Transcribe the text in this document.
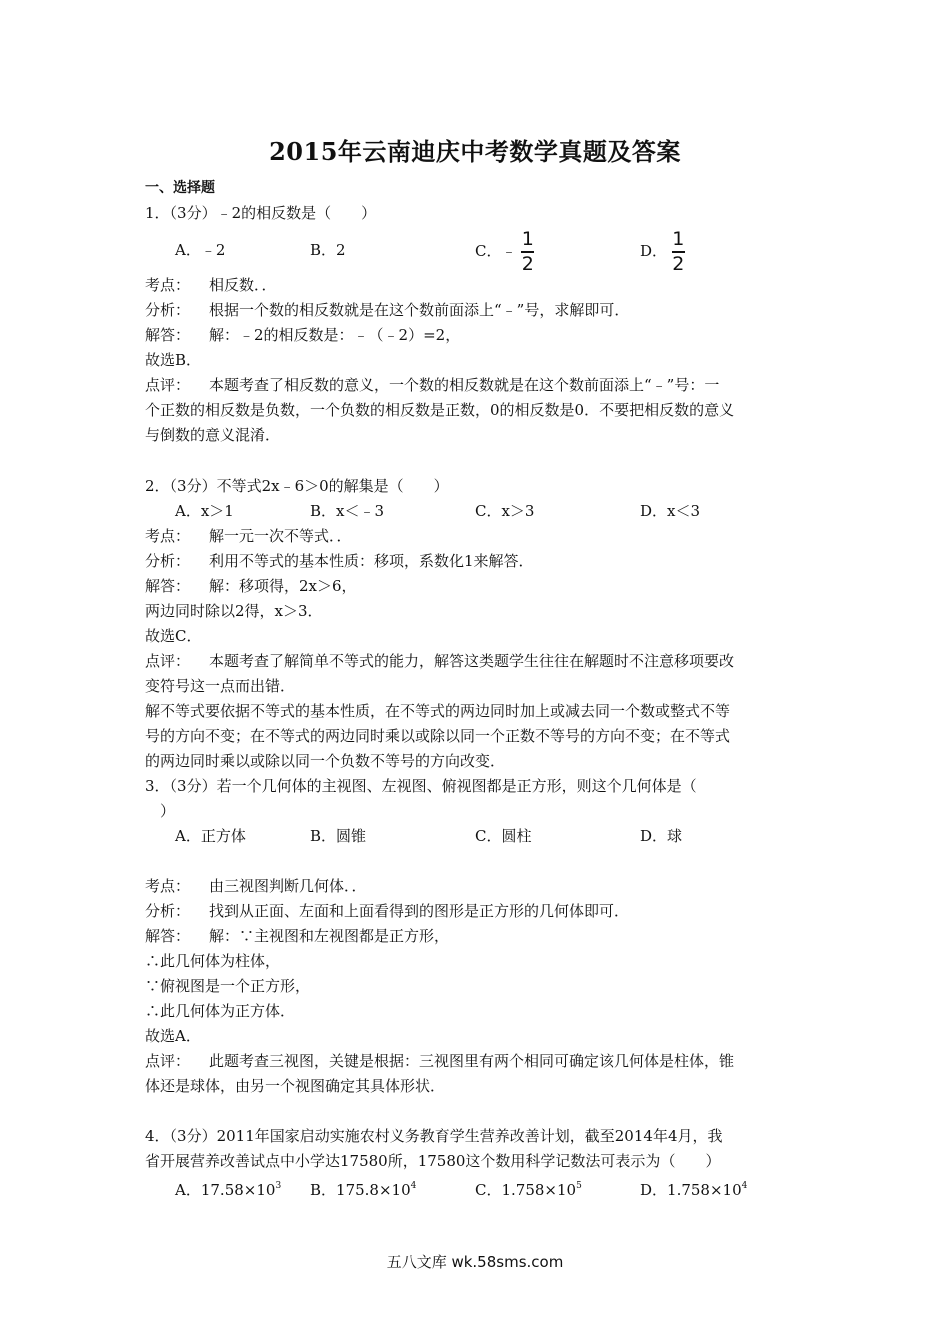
2015年云南迪庆中考数学真题及答案
一、选择题
1．（3分）﹣2的相反数是（　　）
A．﹣2	B．2	C．﹣ $\frac{1}{2}$	D． $\frac{1}{2}$
考点： 相反数．．
分析： 根据一个数的相反数就是在这个数前面添上“﹣”号，求解即可．
解答： 解：﹣2的相反数是：﹣（﹣2）=2，
故选B．
点评： 本题考查了相反数的意义，一个数的相反数就是在这个数前面添上“﹣”号：一
个正数的相反数是负数，一个负数的相反数是正数，0的相反数是0．不要把相反数的意义
与倒数的意义混淆．
2．（3分）不等式2x﹣6＞0的解集是（　　）
A．x＞1	B．x＜﹣3	C．x＞3	D．x＜3
考点： 解一元一次不等式．．
分析： 利用不等式的基本性质：移项，系数化1来解答．
解答： 解：移项得，2x＞6，
两边同时除以2得，x＞3．
故选C．
点评： 本题考查了解简单不等式的能力，解答这类题学生往往在解题时不注意移项要改
变符号这一点而出错．
解不等式要依据不等式的基本性质，在不等式的两边同时加上或减去同一个数或整式不等
号的方向不变；在不等式的两边同时乘以或除以同一个正数不等号的方向不变；在不等式
的两边同时乘以或除以同一个负数不等号的方向改变．
3．（3分）若一个几何体的主视图、左视图、俯视图都是正方形，则这个几何体是（
）
A．正方体	B．圆锥	C．圆柱	D．球
考点： 由三视图判断几何体．．
分析： 找到从正面、左面和上面看得到的图形是正方形的几何体即可．
解答： 解：∵主视图和左视图都是正方形，
∴此几何体为柱体，
∵俯视图是一个正方形，
∴此几何体为正方体．
故选A．
点评： 此题考查三视图，关键是根据：三视图里有两个相同可确定该几何体是柱体，锥
体还是球体，由另一个视图确定其具体形状．
4．（3分）2011年国家启动实施农村义务教育学生营养改善计划，截至2014年4月，我
省开展营养改善试点中小学达17580所，17580这个数用科学记数法可表示为（　　）
A．$17.58\times 10^3$ B．$175.8\times 10^4$	C．$1.758\times 10^5$	D．$1.758\times 10^4$
五八文库 wk.58sms.com
